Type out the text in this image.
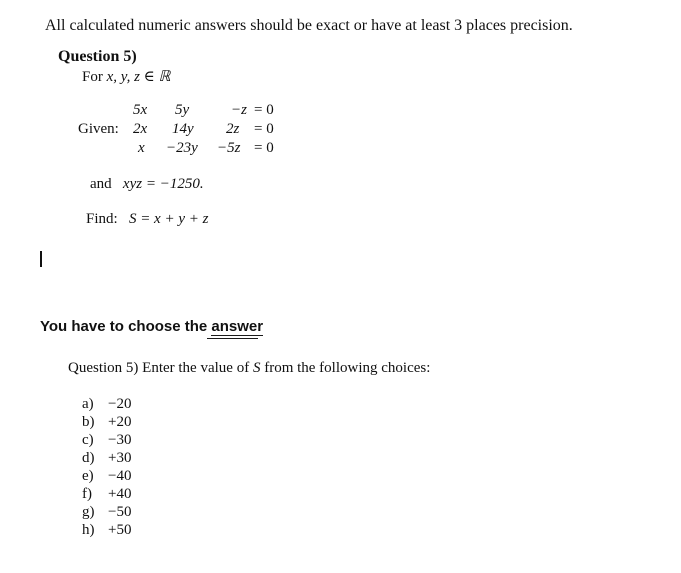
All calculated numeric answers should be exact or have at least 3 places precision.
Question 5)
For x, y, z ∈ ℝ
Given:
5x 5y	−z = 0
2x 14y 2z = 0
x −23y −5z = 0
and xyz = −1250.
Find: S = x + y + z
You have to choose the answer
Question 5) Enter the value of S from the following choices:
a) −20
b) +20
c) −30
d) +30
e) −40
f) +40
g) −50
h) +50
